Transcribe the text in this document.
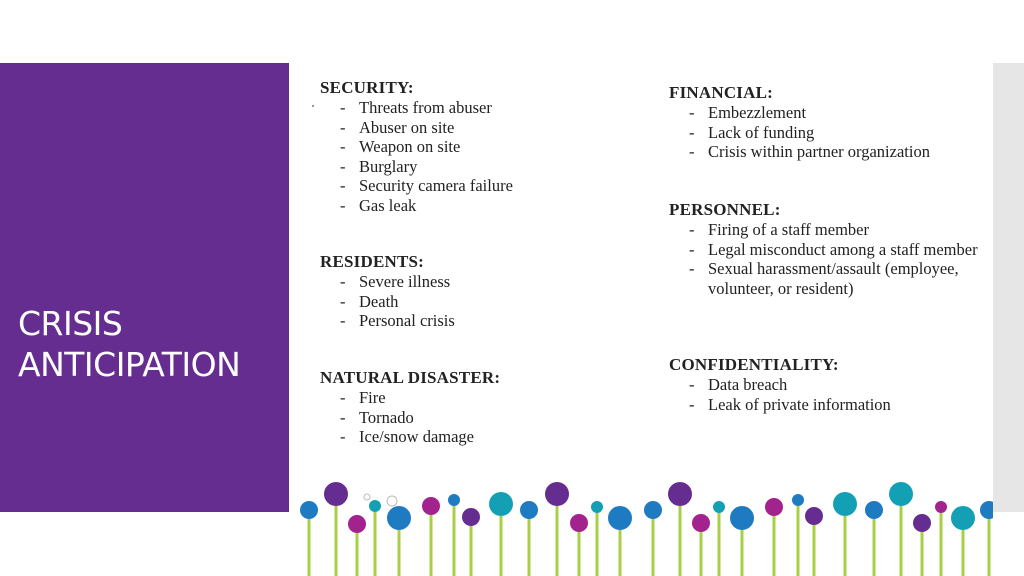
CRISIS
ANTICIPATION

SECURITY:

- Threats from abuser
- Abuser on site
- Weapon on site
- Burglary
- Security camera failure
- Gas leak

RESIDENTS:

- Severe illness
- Death
- Personal crisis

NATURAL DISASTER:

- Fire
- Tornado
- Ice/snow damage

FINANCIAL:

- Embezzlement
- Lack of funding
- Crisis within partner organization

PERSONNEL:

- Firing of a staff member
- Legal misconduct among a staff member
- Sexual harassment/assault (employee, volunteer, or resident)

CONFIDENTIALITY:

- Data breach
- Leak of private information
